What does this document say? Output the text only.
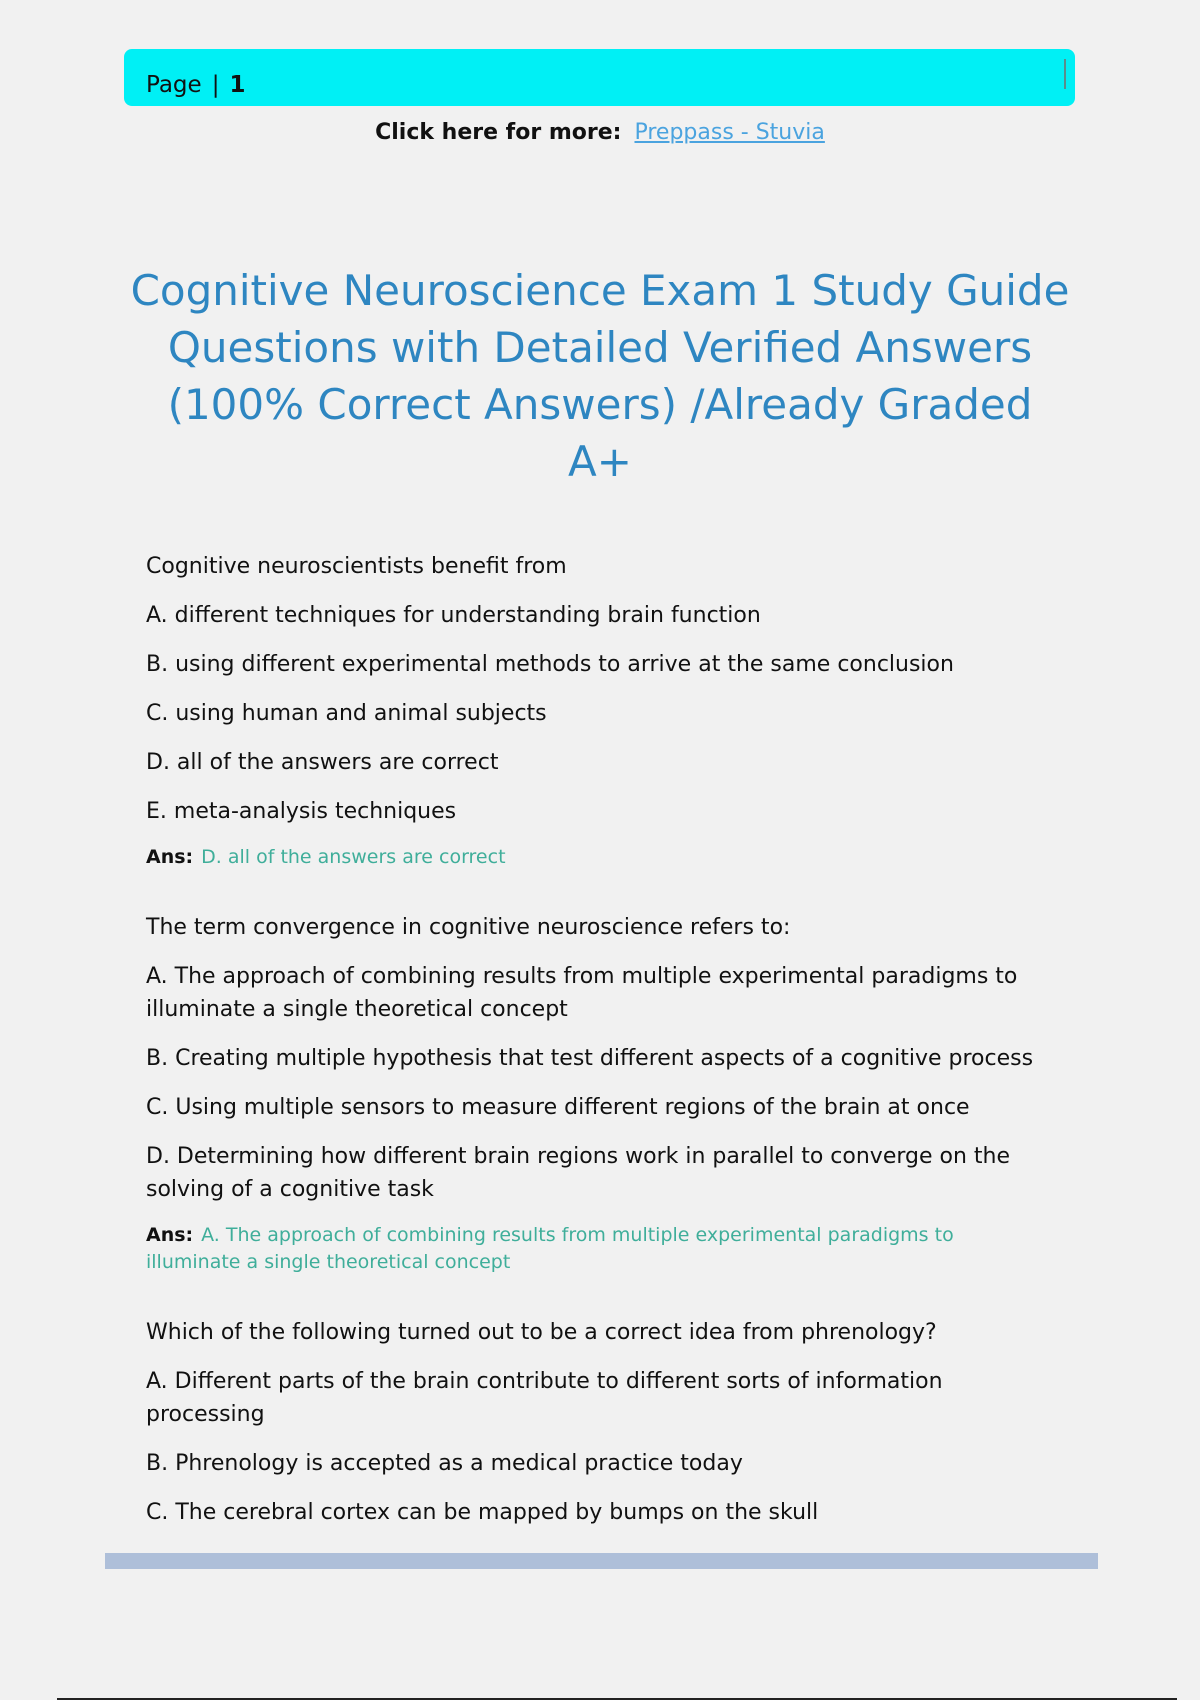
Page | 1
Click here for more: Preppass - Stuvia
Cognitive Neuroscience Exam 1 Study Guide Questions with Detailed Verified Answers (100% Correct Answers) /Already Graded A+

Cognitive neuroscientists benefit from

A. different techniques for understanding brain function

B. using different experimental methods to arrive at the same conclusion

C. using human and animal subjects

D. all of the answers are correct

E. meta-analysis techniques

Ans: D. all of the answers are correct

The term convergence in cognitive neuroscience refers to:

A. The approach of combining results from multiple experimental paradigms to illuminate a single theoretical concept

B. Creating multiple hypothesis that test different aspects of a cognitive process

C. Using multiple sensors to measure different regions of the brain at once

D. Determining how different brain regions work in parallel to converge on the solving of a cognitive task

Ans: A. The approach of combining results from multiple experimental paradigms to illuminate a single theoretical concept

Which of the following turned out to be a correct idea from phrenology?

A. Different parts of the brain contribute to different sorts of information processing

B. Phrenology is accepted as a medical practice today

C. The cerebral cortex can be mapped by bumps on the skull
